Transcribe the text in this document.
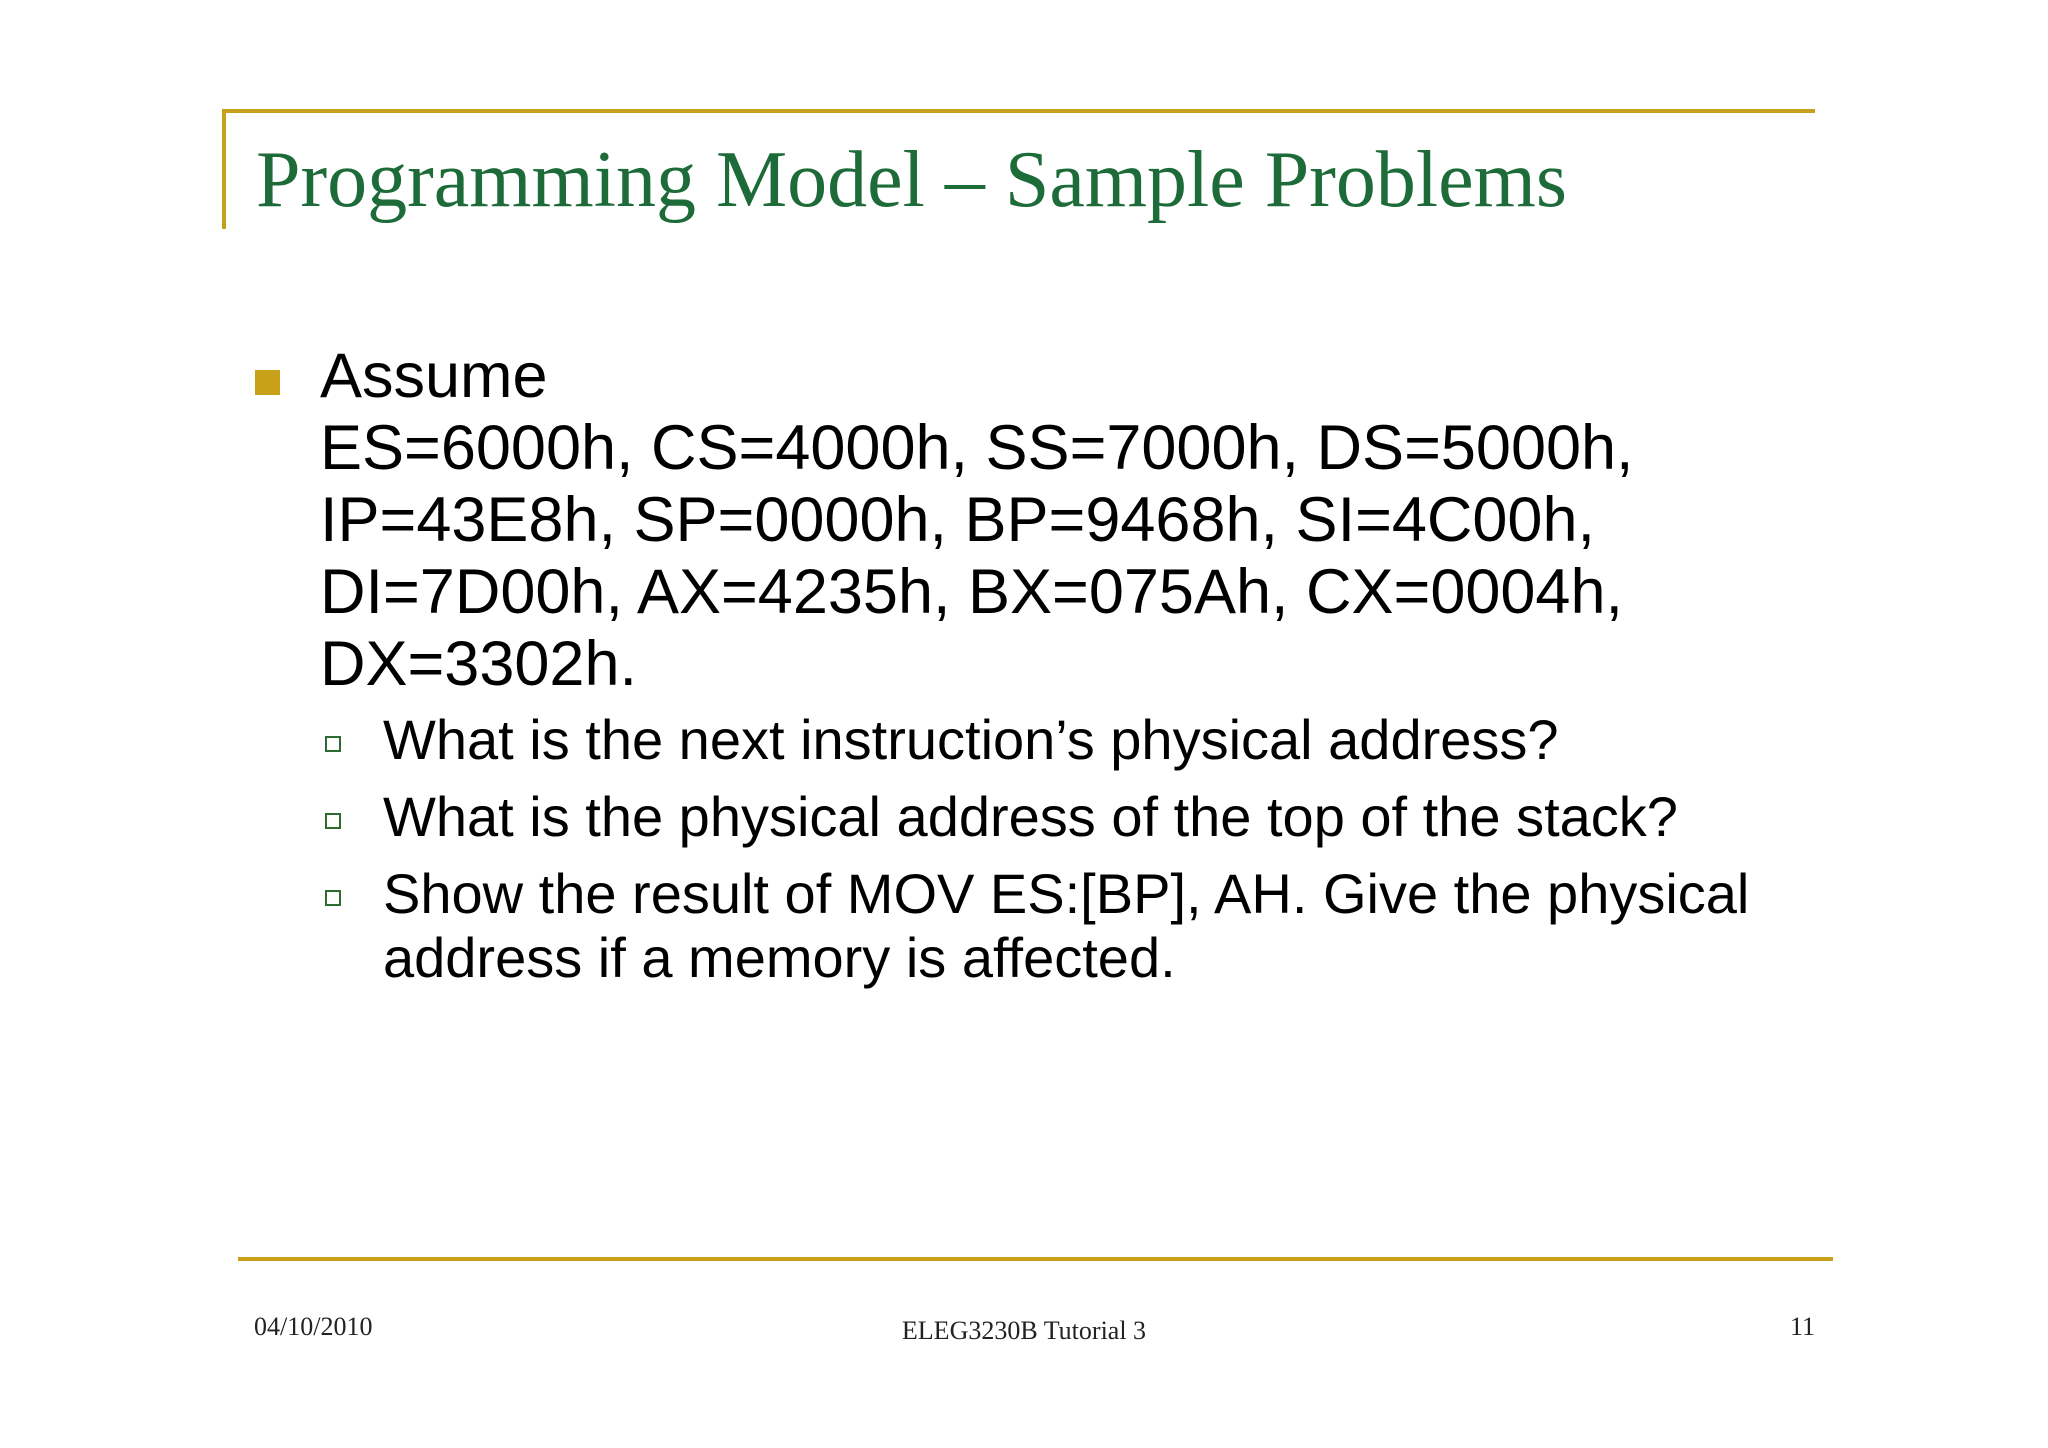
Programming Model – Sample Problems

Assume

ES=6000h, CS=4000h, SS=7000h, DS=5000h,

IP=43E8h, SP=0000h, BP=9468h, SI=4C00h,

DI=7D00h, AX=4235h, BX=075Ah, CX=0004h,

DX=3302h.

What is the next instruction’s physical address?
What is the physical address of the top of the stack?
Show the result of MOV ES:[BP], AH. Give the physical address if a memory is affected.
04/10/2010	ELEG3230B Tutorial 3	11
